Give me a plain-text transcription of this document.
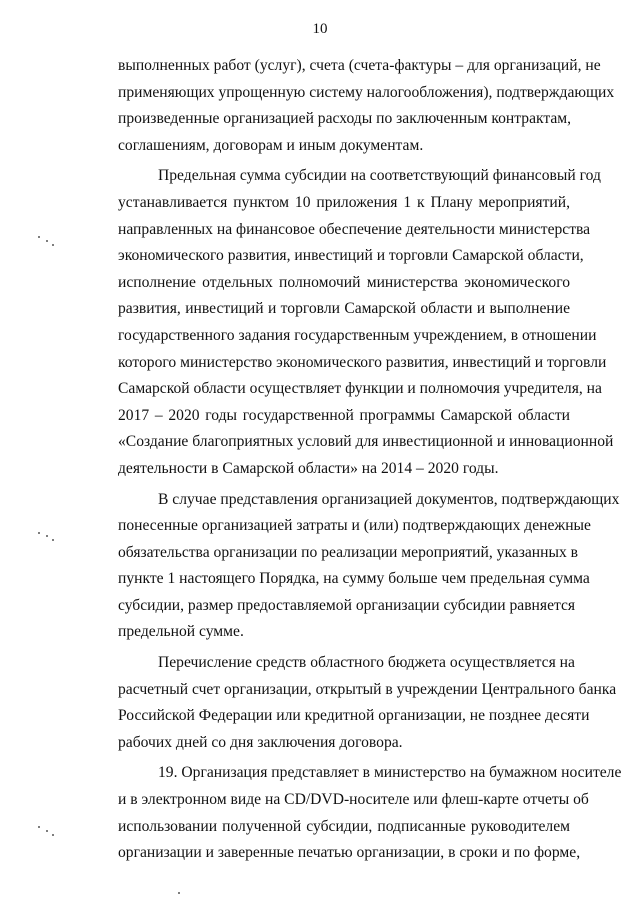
10
выполненных работ (услуг), счета (счета-фактуры – для организаций, не
применяющих упрощенную систему налогообложения), подтверждающих
произведенные организацией расходы по заключенным контрактам,
соглашениям, договорам и иным документам.
Предельная сумма субсидии на соответствующий финансовый год
устанавливается пунктом 10 приложения 1 к Плану мероприятий,
направленных на финансовое обеспечение деятельности министерства
экономического развития, инвестиций и торговли Самарской области,
исполнение отдельных полномочий министерства экономического
развития, инвестиций и торговли Самарской области и выполнение
государственного задания государственным учреждением, в отношении
которого министерство экономического развития, инвестиций и торговли
Самарской области осуществляет функции и полномочия учредителя, на
2017 – 2020 годы государственной программы Самарской области
«Создание благоприятных условий для инвестиционной и инновационной
деятельности в Самарской области» на 2014 – 2020 годы.
В случае представления организацией документов, подтверждающих
понесенные организацией затраты и (или) подтверждающих денежные
обязательства организации по реализации мероприятий, указанных в
пункте 1 настоящего Порядка, на сумму больше чем предельная сумма
субсидии, размер предоставляемой организации субсидии равняется
предельной сумме.
Перечисление средств областного бюджета осуществляется на
расчетный счет организации, открытый в учреждении Центрального банка
Российской Федерации или кредитной организации, не позднее десяти
рабочих дней со дня заключения договора.
19. Организация представляет в министерство на бумажном носителе
и в электронном виде на CD/DVD-носителе или флеш-карте отчеты об
использовании полученной субсидии, подписанные руководителем
организации и заверенные печатью организации, в сроки и по форме,
